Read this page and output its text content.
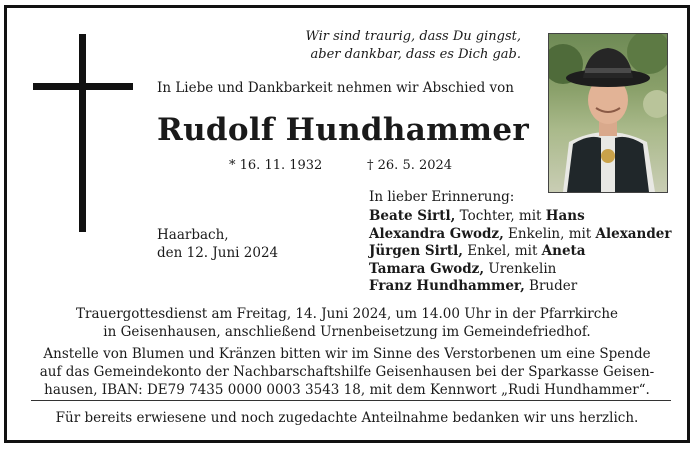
Wir sind traurig, dass Du gingst,
aber dankbar, dass es Dich gab.
In Liebe und Dankbarkeit nehmen wir Abschied von
Rudolf Hundhammer
* 16. 11. 1932	† 26. 5. 2024
Haarbach,
den 12. Juni 2024
In lieber Erinnerung:
Beate Sirtl, Tochter, mit Hans
Alexandra Gwodz, Enkelin, mit Alexander
Jürgen Sirtl, Enkel, mit Aneta
Tamara Gwodz, Urenkelin
Franz Hundhammer, Bruder
Trauergottesdienst am Freitag, 14. Juni 2024, um 14.00 Uhr in der Pfarrkirche
in Geisenhausen, anschließend Urnenbeisetzung im Gemeindefriedhof.
Anstelle von Blumen und Kränzen bitten wir im Sinne des Verstorbenen um eine Spende
auf das Gemeindekonto der Nachbarschaftshilfe Geisenhausen bei der Sparkasse Geisen-
hausen, IBAN: DE79 7435 0000 0003 3543 18, mit dem Kennwort „Rudi Hundhammer“.
Für bereits erwiesene und noch zugedachte Anteilnahme bedanken wir uns herzlich.
